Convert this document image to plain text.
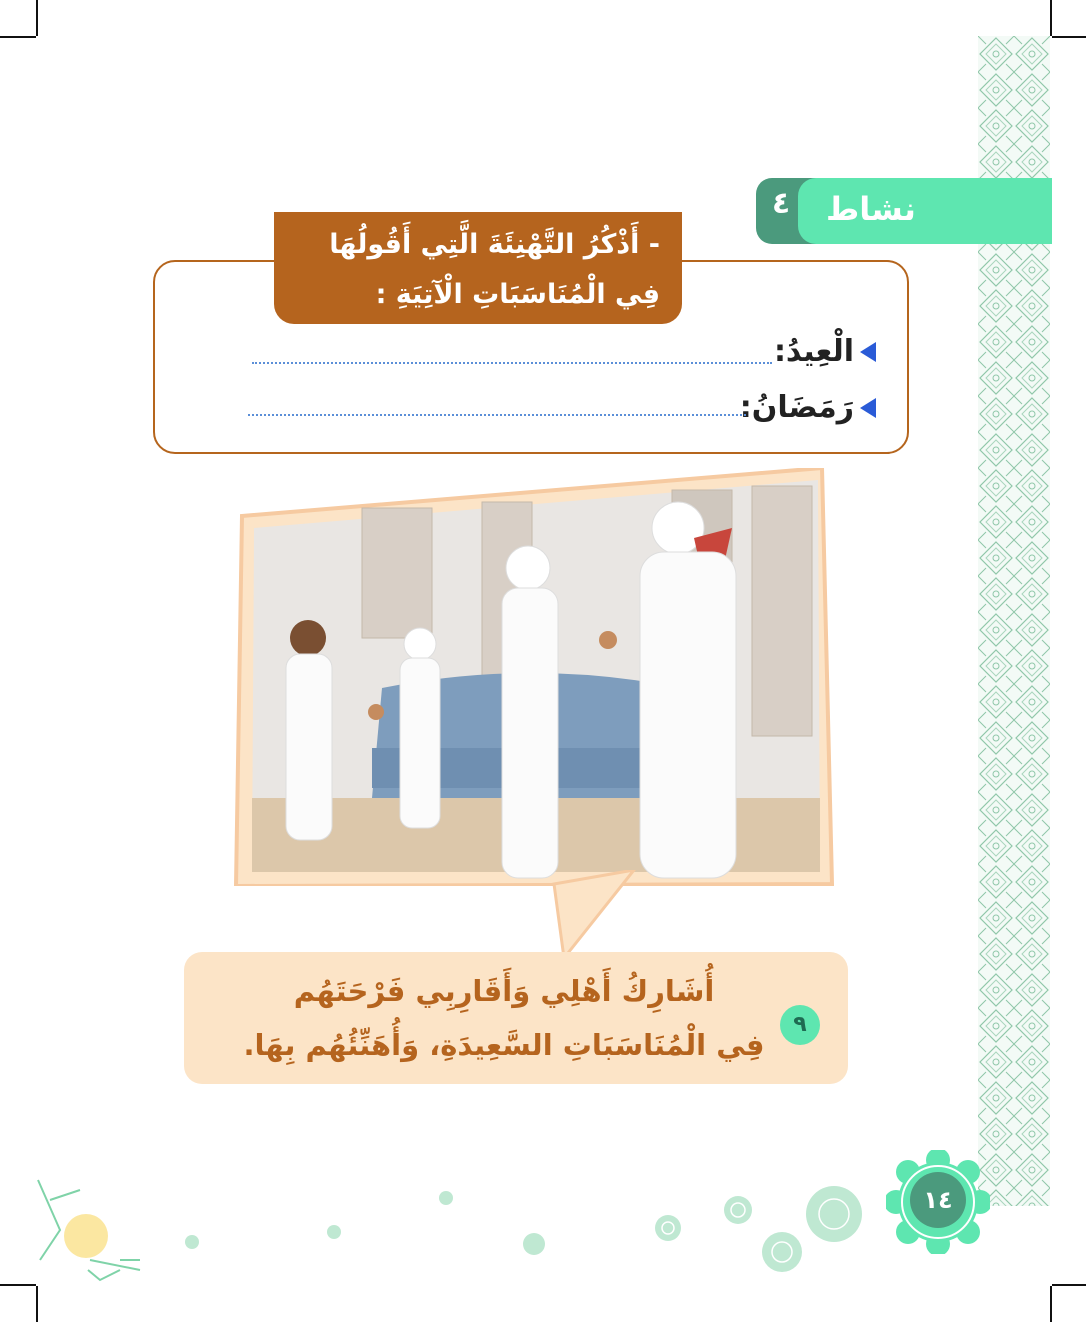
٤ نشاط
- أَذْكُرُ التَّهْنِئَةَ الَّتِي أَقُولُهَا فِي الْمُنَاسَبَاتِ الْآتِيَةِ :
الْعِيدُ:
رَمَضَانُ:
أُشَارِكُ أَهْلِي وَأَقَارِبِي فَرْحَتَهُم
فِي الْمُنَاسَبَاتِ السَّعِيدَةِ، وَأُهَنِّئُهُم بِهَا.
٩
١٤
